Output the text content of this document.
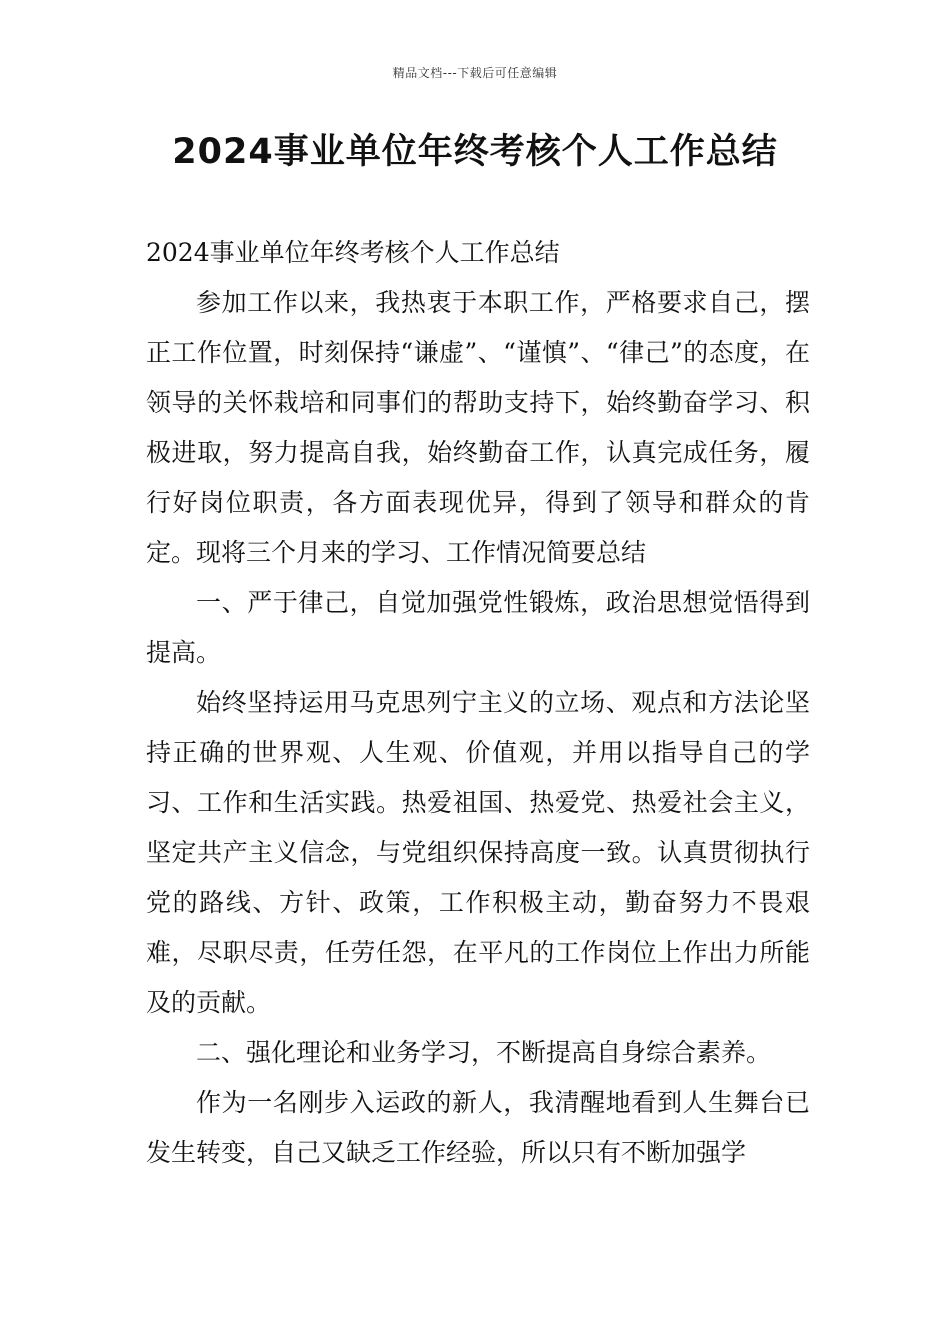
精品文档---下载后可任意编辑
2024事业单位年终考核个人工作总结

2024事业单位年终考核个人工作总结

参加工作以来，我热衷于本职工作，严格要求自己，摆正工作位置，时刻保持“谦虚”、“谨慎”、“律己”的态度，在领导的关怀栽培和同事们的帮助支持下，始终勤奋学习、积极进取，努力提高自我，始终勤奋工作，认真完成任务，履行好岗位职责，各方面表现优异，得到了领导和群众的肯定。现将三个月来的学习、工作情况简要总结

一、严于律己，自觉加强党性锻炼，政治思想觉悟得到提高。

始终坚持运用马克思列宁主义的立场、观点和方法论坚持正确的世界观、人生观、价值观，并用以指导自己的学习、工作和生活实践。热爱祖国、热爱党、热爱社会主义，坚定共产主义信念，与党组织保持高度一致。认真贯彻执行党的路线、方针、政策，工作积极主动，勤奋努力不畏艰难，尽职尽责，任劳任怨，在平凡的工作岗位上作出力所能及的贡献。

二、强化理论和业务学习，不断提高自身综合素养。

作为一名刚步入运政的新人，我清醒地看到人生舞台已发生转变，自己又缺乏工作经验，所以只有不断加强学
